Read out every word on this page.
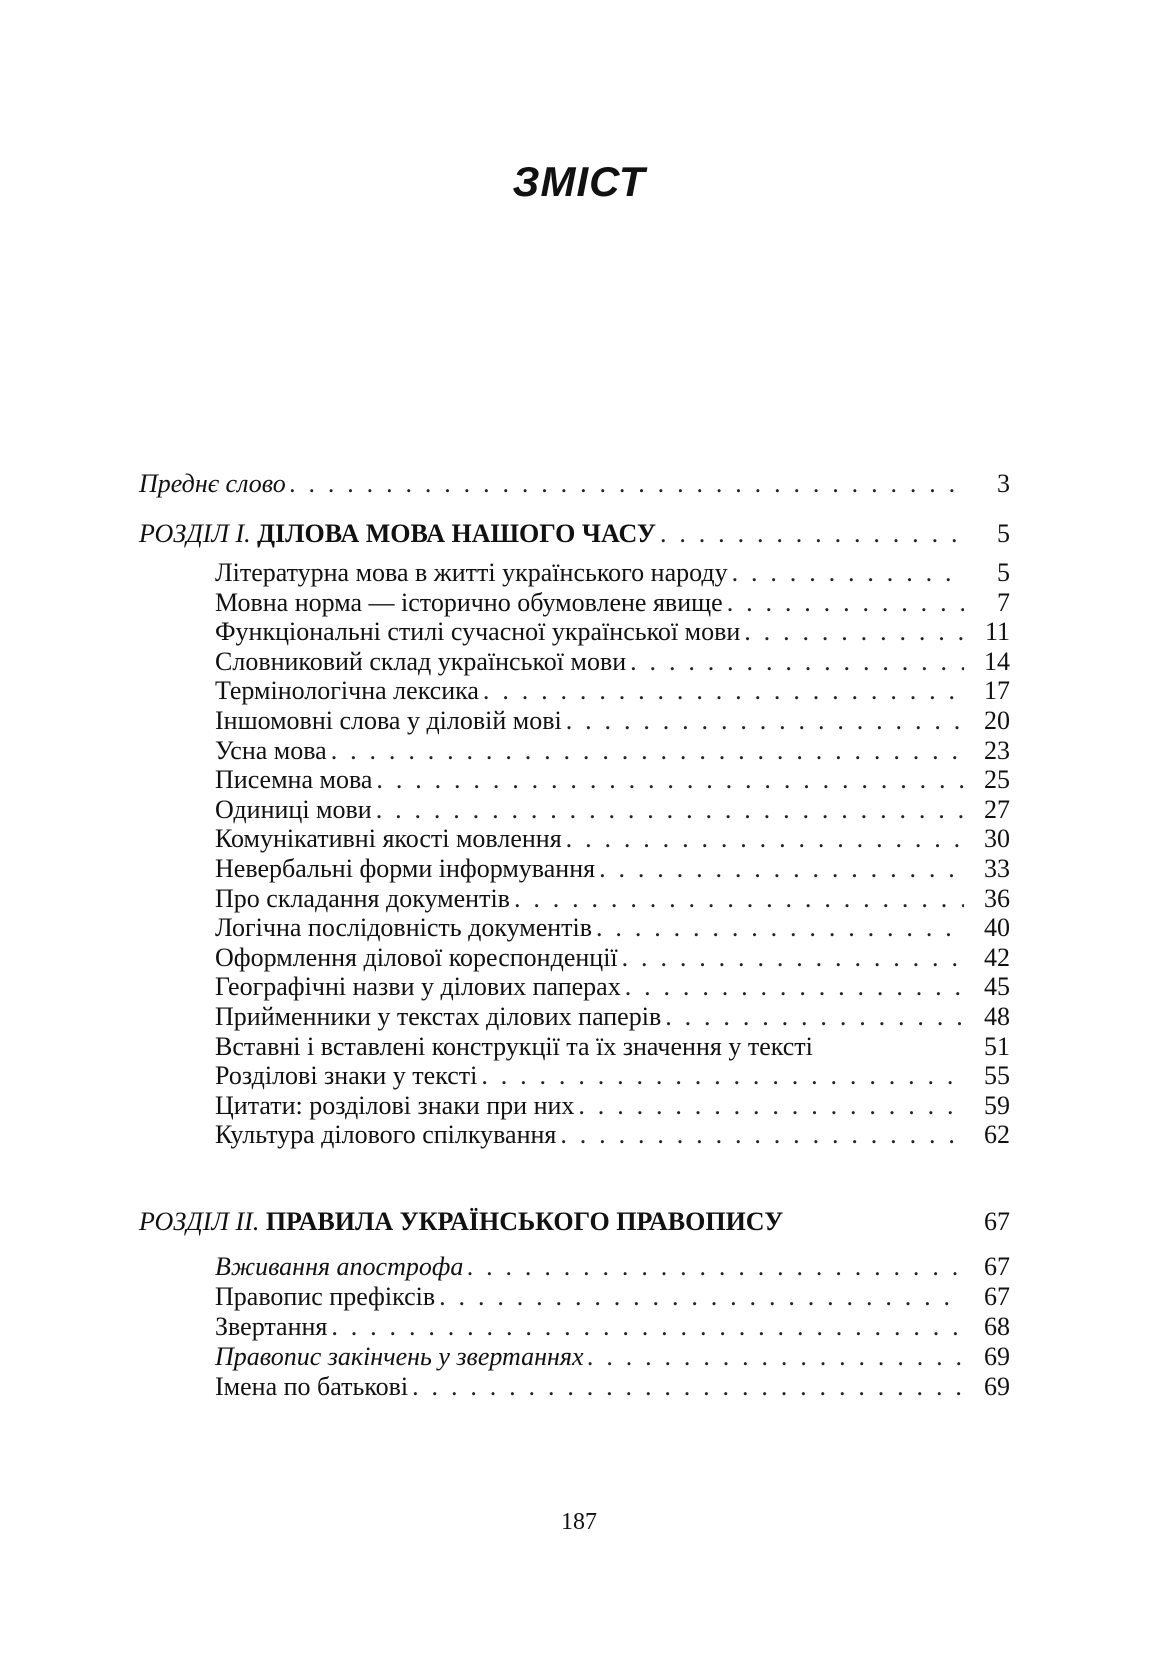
ЗМІСТ
Преднє слово . . .	3
РОЗДІЛ І. ДІЛОВА МОВА НАШОГО ЧАСУ . . .	5
Літературна мова в житті українського народу . . .	5
Мовна норма — історично обумовлене явище . . .	7
Функціональні стилі сучасної української мови . . .	11
Словниковий склад української мови . . .	14
Термінологічна лексика . . .	17
Іншомовні слова у діловій мові . . .	20
Усна мова . . .	23
Писемна мова . . .	25
Одиниці мови . . .	27
Комунікативні якості мовлення . . .	30
Невербальні форми інформування . . .	33
Про складання документів . . .	36
Логічна послідовність документів . . .	40
Оформлення ділової кореспонденції . . .	42
Географічні назви у ділових паперах . . .	45
Прийменники у текстах ділових паперів . . .	48
Вставні і вставлені конструкції та їх значення у тексті	51
Розділові знаки у тексті . . .	55
Цитати: розділові знаки при них . . .	59
Культура ділового спілкування . . .	62
РОЗДІЛ ІІ. ПРАВИЛА УКРАЇНСЬКОГО ПРАВОПИСУ	67
Вживання апострофа . . .	67
Правопис префіксів . . .	67
Звертання . . .	68
Правопис закінчень у звертаннях . . .	69
Імена по батькові . . .	69
187
